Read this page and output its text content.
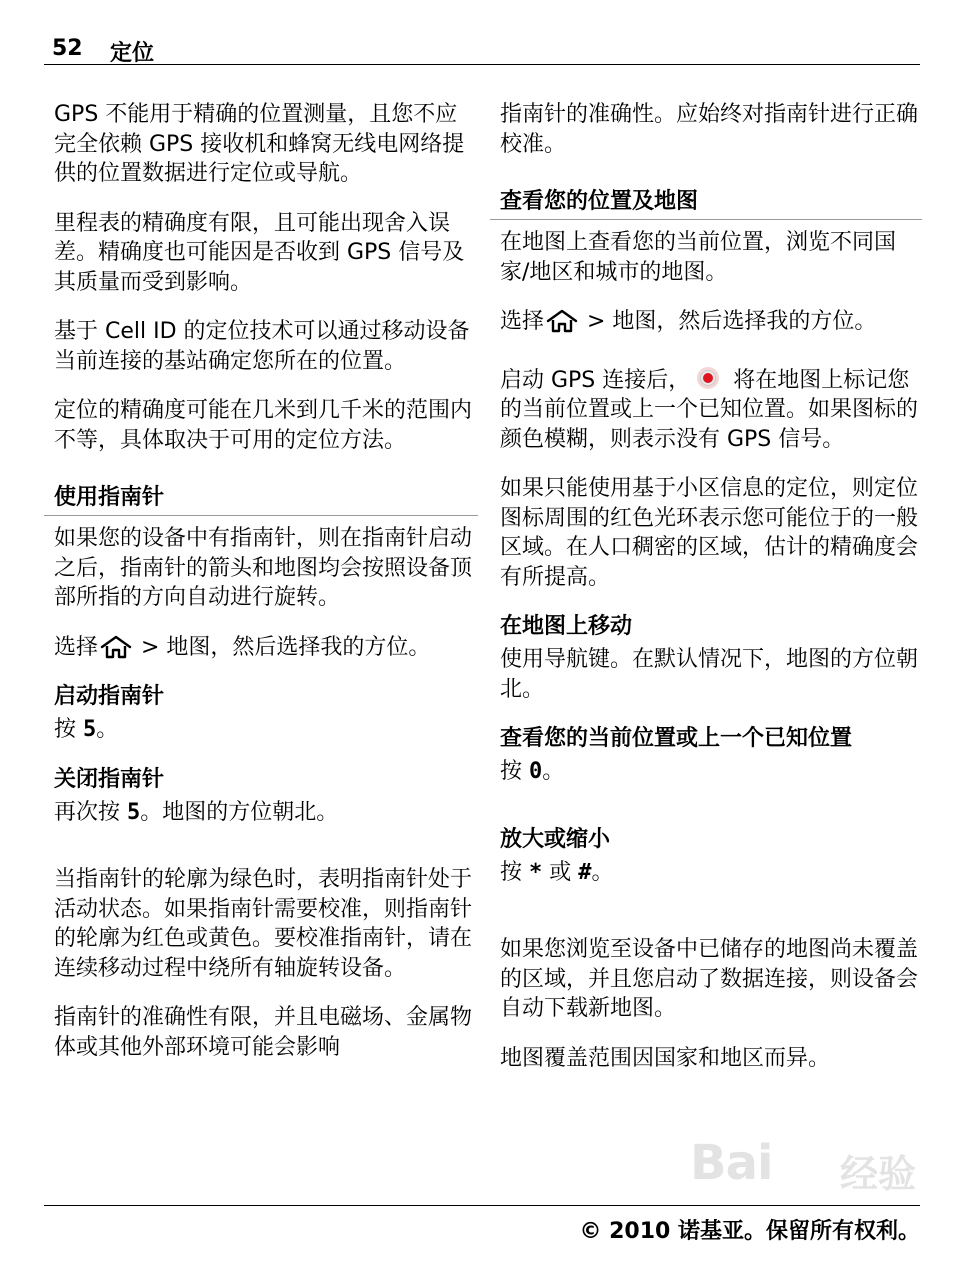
52 定位

GPS 不能用于精确的位置测量，且您不应完全依赖 GPS 接收机和蜂窝无线电网络提供的位置数据进行定位或导航。

里程表的精确度有限，且可能出现舍入误差。精确度也可能因是否收到 GPS 信号及其质量而受到影响。

基于 Cell ID 的定位技术可以通过移动设备当前连接的基站确定您所在的位置。

定位的精确度可能在几米到几千米的范围内不等，具体取决于可用的定位方法。

使用指南针

如果您的设备中有指南针，则在指南针启动之后，指南针的箭头和地图均会按照设备顶部所指的方向自动进行旋转。

选择 > 地图，然后选择我的方位。

启动指南针

按 5。

关闭指南针

再次按 5。地图的方位朝北。

当指南针的轮廓为绿色时，表明指南针处于活动状态。如果指南针需要校准，则指南针的轮廓为红色或黄色。要校准指南针，请在连续移动过程中绕所有轴旋转设备。

指南针的准确性有限，并且电磁场、金属物体或其他外部环境可能会影响

指南针的准确性。应始终对指南针进行正确校准。

查看您的位置及地图

在地图上查看您的当前位置，浏览不同国家/地区和城市的地图。

选择 > 地图，然后选择我的方位。

启动 GPS 连接后， 将在地图上标记您的当前位置或上一个已知位置。如果图标的颜色模糊，则表示没有 GPS 信号。

如果只能使用基于小区信息的定位，则定位图标周围的红色光环表示您可能位于的一般区域。在人口稠密的区域，估计的精确度会有所提高。

在地图上移动

使用导航键。在默认情况下，地图的方位朝北。

查看您的当前位置或上一个已知位置

按 0。

放大或缩小

按 * 或 #。

如果您浏览至设备中已储存的地图尚未覆盖的区域，并且您启动了数据连接，则设备会自动下载新地图。

地图覆盖范围因国家和地区而异。

Bai 经验
© 2010 诺基亚。保留所有权利。
